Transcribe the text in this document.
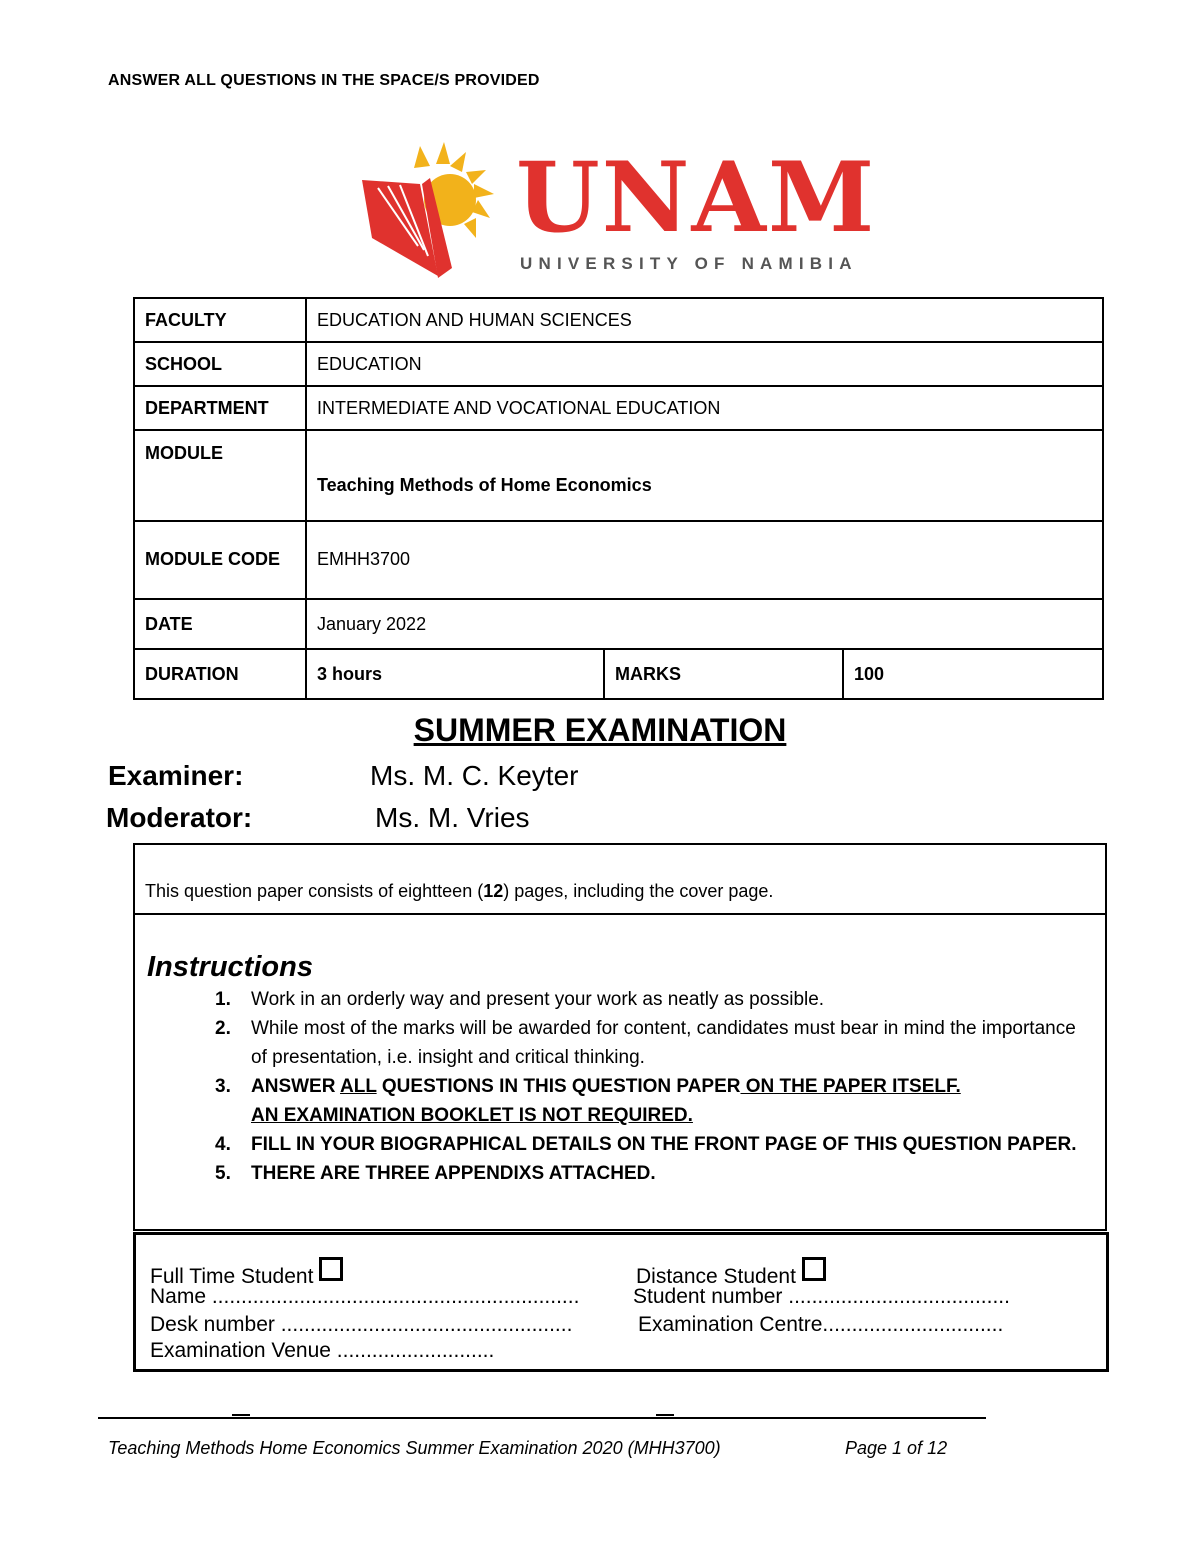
ANSWER ALL QUESTIONS IN THE SPACE/S PROVIDED
UNAM
UNIVERSITY OF NAMIBIA
FACULTY	EDUCATION AND HUMAN SCIENCES		
SCHOOL	EDUCATION		
DEPARTMENT	INTERMEDIATE AND VOCATIONAL EDUCATION		
MODULE	Teaching Methods of Home Economics		
MODULE CODE	EMHH3700		
DATE	January 2022		
DURATION	3 hours	MARKS	100
SUMMER EXAMINATION
Examiner:	Ms. M. C. Keyter
Moderator:	Ms. M. Vries
This question paper consists of eightteen (12) pages, including the cover page.
Instructions
1. Work in an orderly way and present your work as neatly as possible.
2. While most of the marks will be awarded for content, candidates must bear in mind the importance of presentation, i.e. insight and critical thinking.
3. ANSWER ALL QUESTIONS IN THIS QUESTION PAPER ON THE PAPER ITSELF.
AN EXAMINATION BOOKLET IS NOT REQUIRED.
4. FILL IN YOUR BIOGRAPHICAL DETAILS ON THE FRONT PAGE OF THIS QUESTION PAPER.
5. THERE ARE THREE APPENDIXS ATTACHED.
Full Time Student	Distance Student
Name ...............................................................	Student number ......................................
Desk number ..................................................	Examination Centre...............................
Examination Venue ...........................
Teaching Methods Home Economics Summer Examination 2020 (MHH3700)	Page 1 of 12
